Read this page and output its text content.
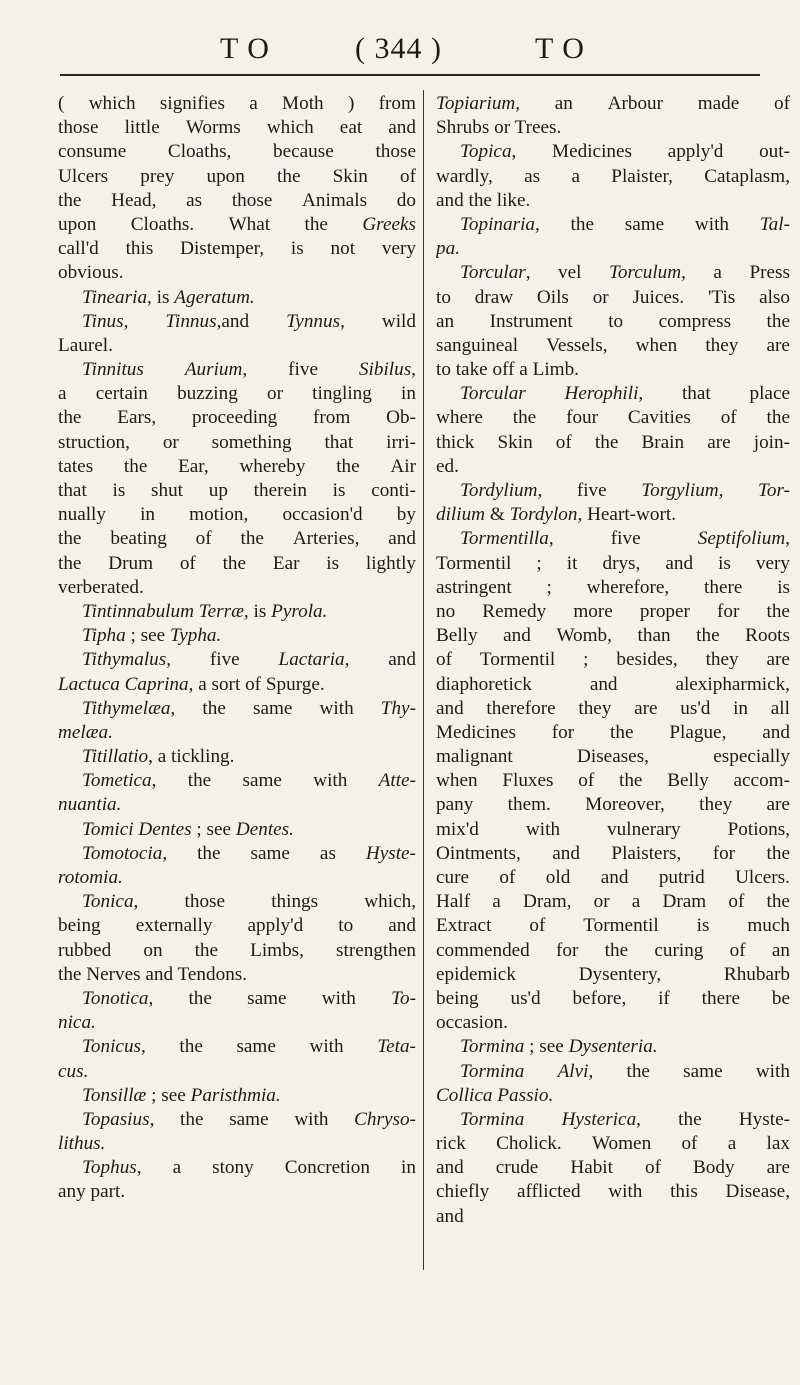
T O	( 344 )	T O
( which signifies a Moth ) from
those little Worms which eat and
consume Cloaths, because those
Ulcers prey upon the Skin of
the Head, as those Animals do
upon Cloaths. What the Greeks
call'd this Distemper, is not very
obvious.
Tinearia, is Ageratum.
Tinus, Tinnus,and Tynnus, wild
Laurel.
Tinnitus Aurium, five Sibilus,
a certain buzzing or tingling in
the Ears, proceeding from Ob-
struction, or something that irri-
tates the Ear, whereby the Air
that is shut up therein is conti-
nually in motion, occasion'd by
the beating of the Arteries, and
the Drum of the Ear is lightly
verberated.
Tintinnabulum Terræ, is Pyrola.
Tipha ; see Typha.
Tithymalus, five Lactaria, and
Lactuca Caprina, a sort of Spurge.
Tithymelæa, the same with Thy-
melæa.
Titillatio, a tickling.
Tometica, the same with Atte-
nuantia.
Tomici Dentes ; see Dentes.
Tomotocia, the same as Hyste-
rotomia.
Tonica, those things which,
being externally apply'd to and
rubbed on the Limbs, strengthen
the Nerves and Tendons.
Tonotica, the same with To-
nica.
Tonicus, the same with Teta-
cus.
Tonsillæ ; see Paristhmia.
Topasius, the same with Chryso-
lithus.
Tophus, a stony Concretion in
any part.
Topiarium, an Arbour made of
Shrubs or Trees.
Topica, Medicines apply'd out-
wardly, as a Plaister, Cataplasm,
and the like.
Topinaria, the same with Tal-
pa.
Torcular, vel Torculum, a Press
to draw Oils or Juices. 'Tis also
an Instrument to compress the
sanguineal Vessels, when they are
to take off a Limb.
Torcular Herophili, that place
where the four Cavities of the
thick Skin of the Brain are join-
ed.
Tordylium, five Torgylium, Tor-
dilium & Tordylon, Heart-wort.
Tormentilla,	five	Septifolium,
Tormentil ; it drys, and is very
astringent ; wherefore, there is
no Remedy more proper for the
Belly and Womb, than the Roots
of Tormentil ; besides, they are
diaphoretick	and	alexipharmick,
and therefore they are us'd in all
Medicines for the Plague, and
malignant	Diseases,	especially
when Fluxes of the Belly accom-
pany them. Moreover, they are
mix'd with vulnerary Potions,
Ointments, and Plaisters, for the
cure of old and putrid Ulcers.
Half a Dram, or a Dram of the
Extract of Tormentil is much
commended for the curing of an
epidemick	Dysentery,	Rhubarb
being us'd before, if there be
occasion.
Tormina ; see Dysenteria.
Tormina Alvi, the same with
Collica Passio.
Tormina Hysterica, the Hyste-
rick Cholick. Women of a lax
and crude Habit of Body are
chiefly afflicted with this Disease,
and
